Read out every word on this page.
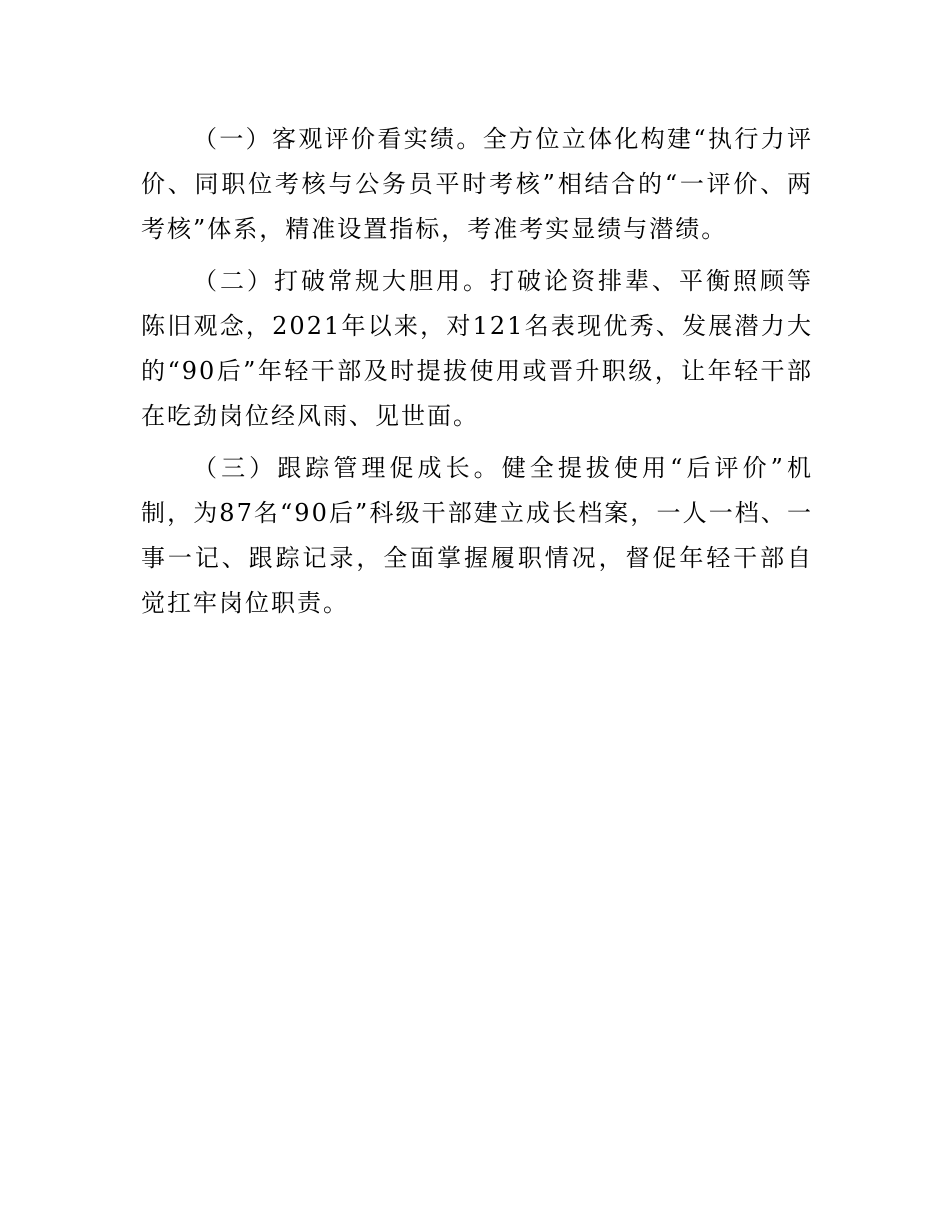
（一）客观评价看实绩。全方位立体化构建“执行力评价、同职位考核与公务员平时考核”相结合的“一评价、两考核”体系，精准设置指标，考准考实显绩与潜绩。

（二）打破常规大胆用。打破论资排辈、平衡照顾等陈旧观念，2021年以来，对121名表现优秀、发展潜力大的“90后”年轻干部及时提拔使用或晋升职级，让年轻干部在吃劲岗位经风雨、见世面。

（三）跟踪管理促成长。健全提拔使用“后评价”机制，为87名“90后”科级干部建立成长档案，一人一档、一事一记、跟踪记录，全面掌握履职情况，督促年轻干部自觉扛牢岗位职责。
